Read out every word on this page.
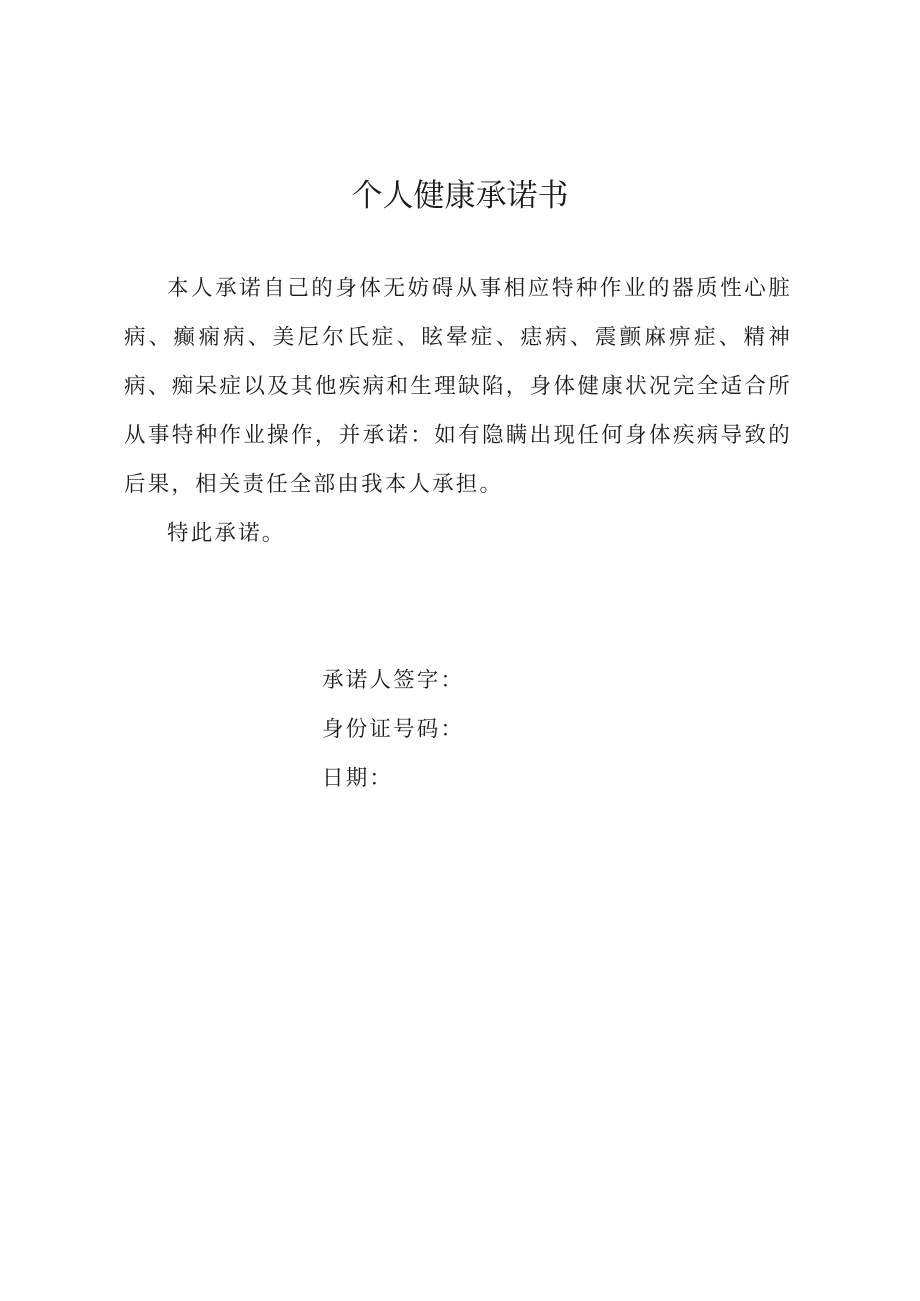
个人健康承诺书

本人承诺自己的身体无妨碍从事相应特种作业的器质性心脏病、癫痫病、美尼尔氏症、眩晕症、痣病、震颤麻痹症、精神病、痴呆症以及其他疾病和生理缺陷，身体健康状况完全适合所从事特种作业操作，并承诺：如有隐瞒出现任何身体疾病导致的后果，相关责任全部由我本人承担。

特此承诺。

承诺人签字：
身份证号码：
日期：
